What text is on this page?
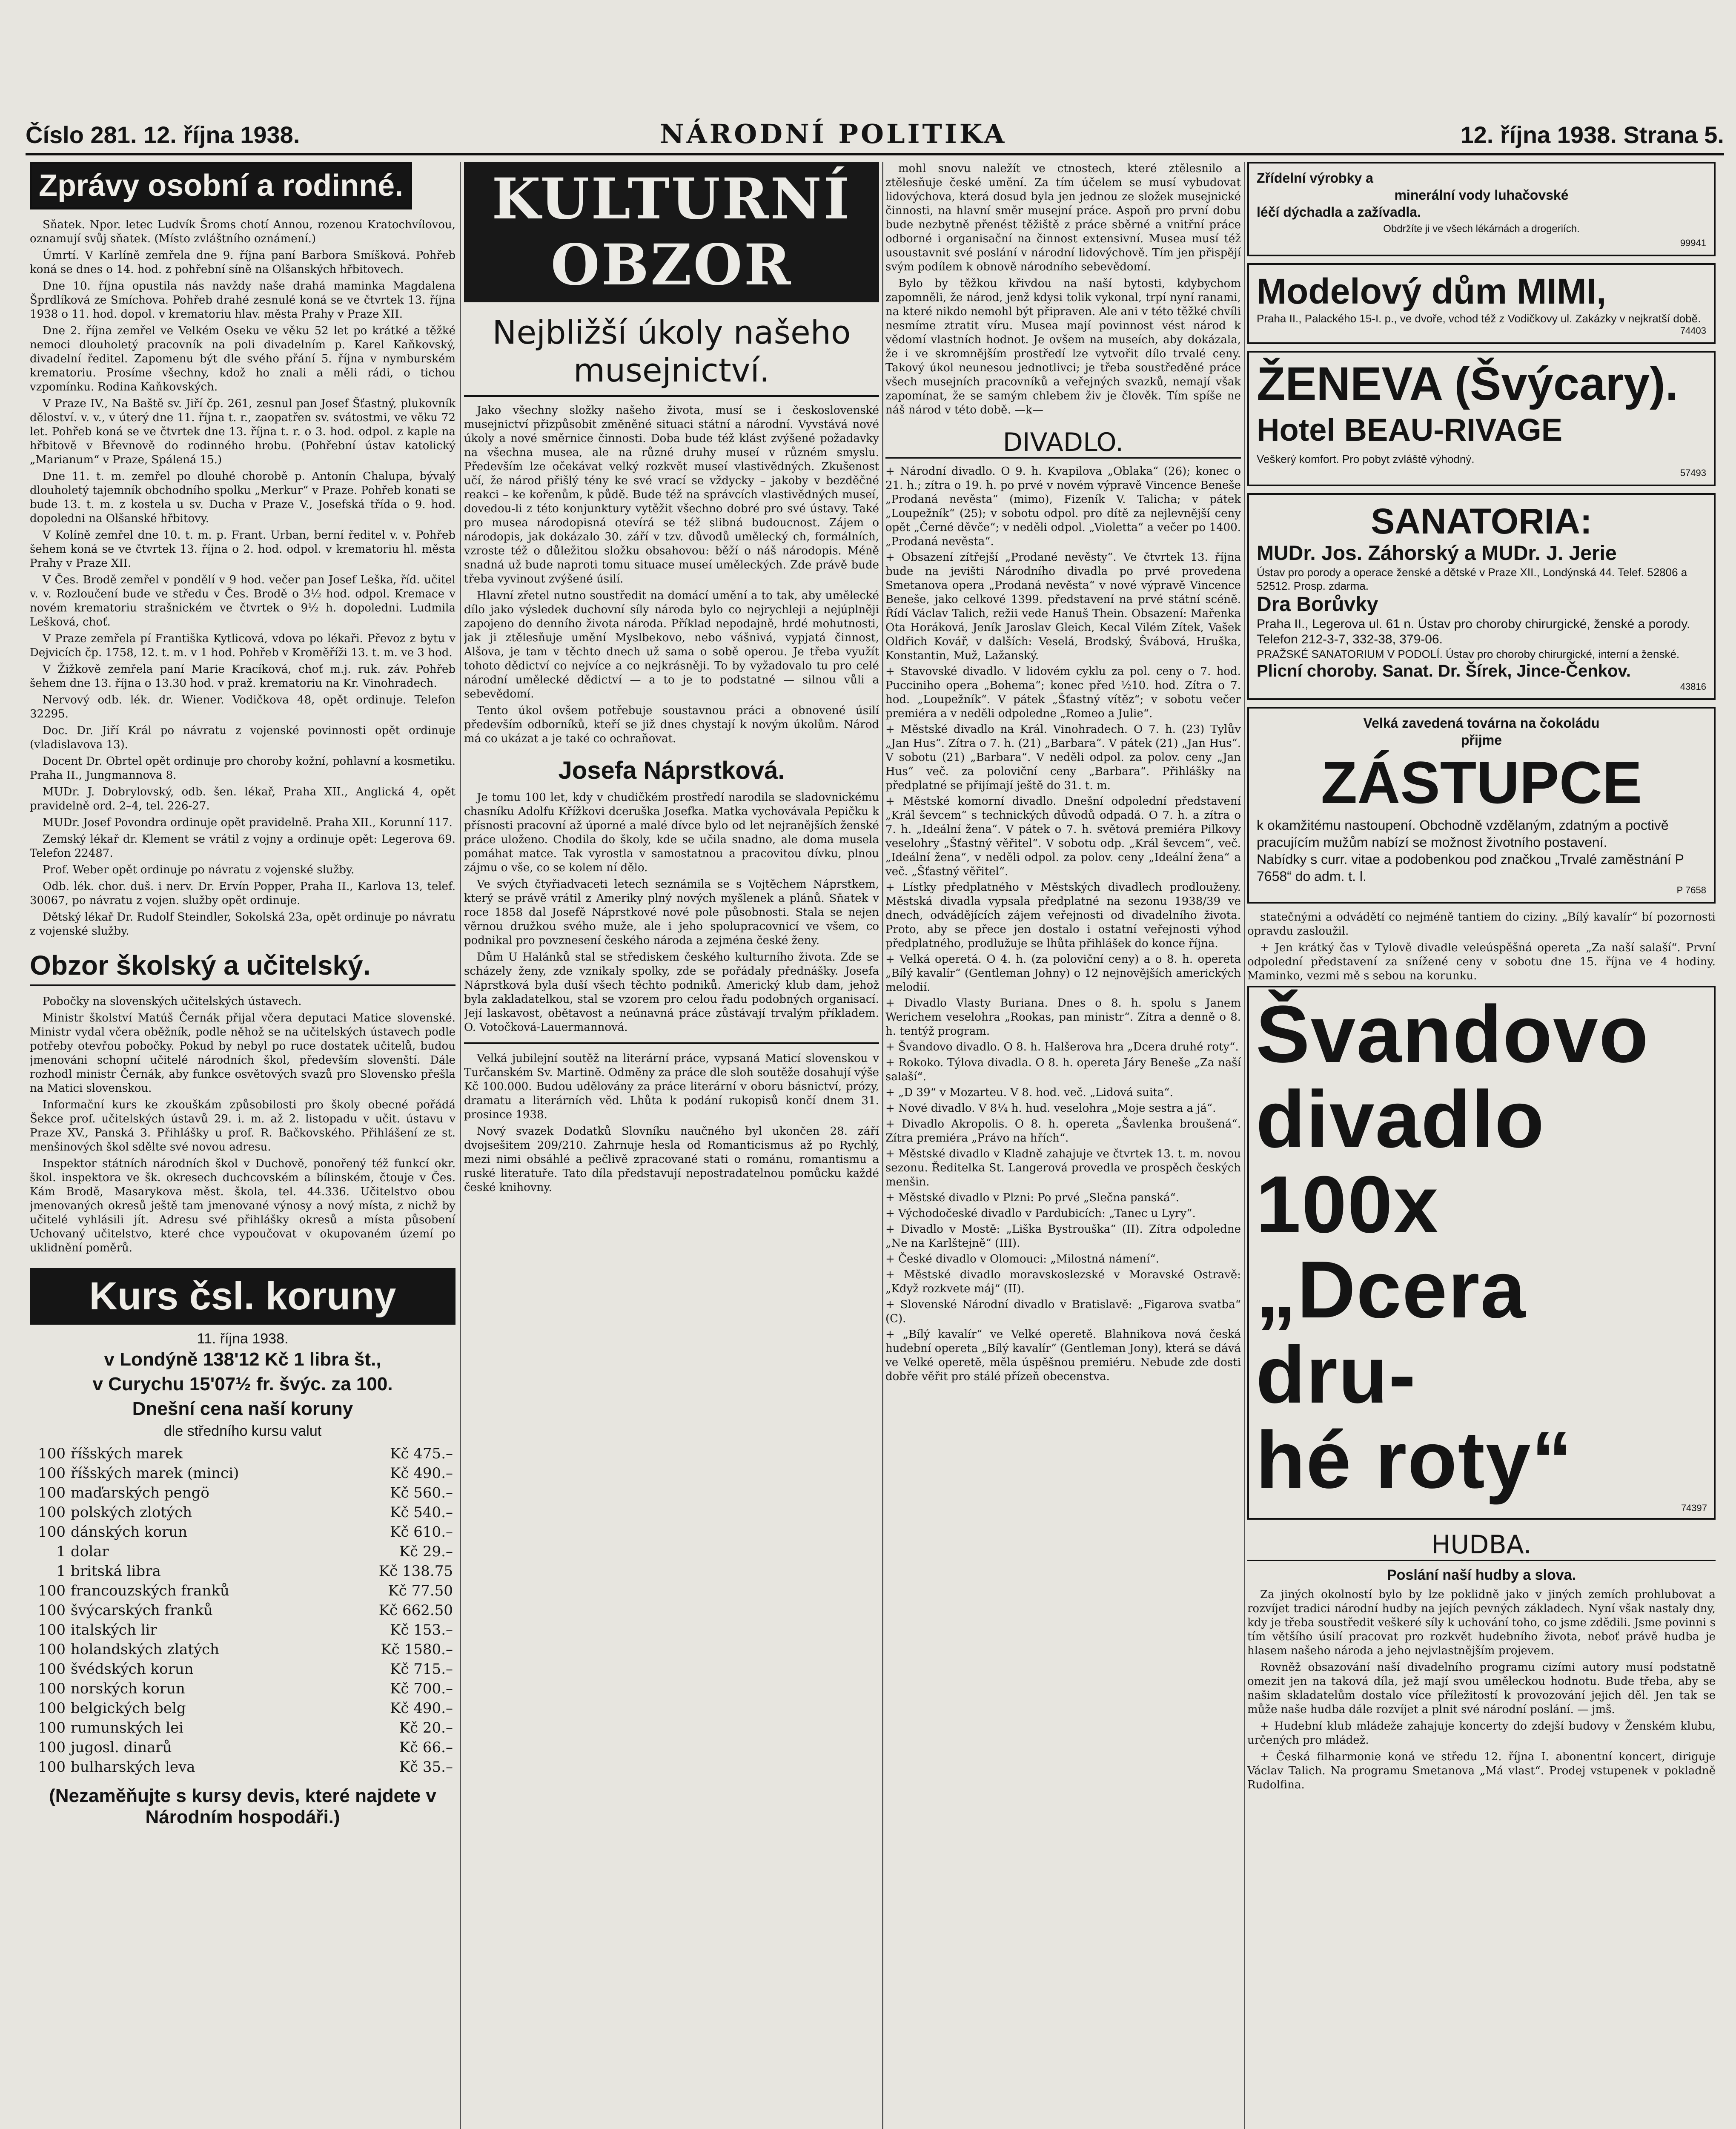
Číslo 281. 12. října 1938.	NÁRODNÍ POLITIKA	12. října 1938. Strana 5.
Zprávy osobní a rodinné.

Sňatek. Npor. letec Ludvík Šroms chotí Annou, rozenou Kratochvílovou, oznamují svůj sňatek. (Místo zvláštního oznámení.)

Úmrtí. V Karlíně zemřela dne 9. října paní Barbora Smíšková. Pohřeb koná se dnes o 14. hod. z pohřební síně na Olšanských hřbitovech.

Dne 10. října opustila nás navždy naše drahá maminka Magdalena Šprdlíková ze Smíchova. Pohřeb drahé zesnulé koná se ve čtvrtek 13. října 1938 o 11. hod. dopol. v krematoriu hlav. města Prahy v Praze XII.

Dne 2. října zemřel ve Velkém Oseku ve věku 52 let po krátké a těžké nemoci dlouholetý pracovník na poli divadelním p. Karel Kaňkovský, divadelní ředitel. Zapomenu být dle svého přání 5. října v nymburském krematoriu. Prosíme všechny, kdož ho znali a měli rádi, o tichou vzpomínku. Rodina Kaňkovských.

V Praze IV., Na Baště sv. Jiří čp. 261, zesnul pan Josef Šťastný, plukovník děloství. v. v., v úterý dne 11. října t. r., zaopatřen sv. svátostmi, ve věku 72 let. Pohřeb koná se ve čtvrtek dne 13. října t. r. o 3. hod. odpol. z kaple na hřbitově v Břevnově do rodinného hrobu. (Pohřební ústav katolický „Marianum“ v Praze, Spálená 15.)

Dne 11. t. m. zemřel po dlouhé chorobě p. Antonín Chalupa, bývalý dlouholetý tajemník obchodního spolku „Merkur“ v Praze. Pohřeb konati se bude 13. t. m. z kostela u sv. Ducha v Praze V., Josefská třída o 9. hod. dopoledni na Olšanské hřbitovy.

V Kolíně zemřel dne 10. t. m. p. Frant. Urban, berní ředitel v. v. Pohřeb šehem koná se ve čtvrtek 13. října o 2. hod. odpol. v krematoriu hl. města Prahy v Praze XII.

V Čes. Brodě zemřel v pondělí v 9 hod. večer pan Josef Leška, říd. učitel v. v. Rozloučení bude ve středu v Čes. Brodě o 3½ hod. odpol. Kremace v novém krematoriu strašnickém ve čtvrtek o 9½ h. dopoledni. Ludmila Lešková, choť.

V Praze zemřela pí Františka Kytlicová, vdova po lékaři. Převoz z bytu v Dejvicích čp. 1758, 12. t. m. v 1 hod. Pohřeb v Kroměříži 13. t. m. ve 3 hod.

V Žižkově zemřela paní Marie Kracíková, choť m.j. ruk. záv. Pohřeb šehem dne 13. října o 13.30 hod. v praž. krematoriu na Kr. Vinohradech.

Nervový odb. lék. dr. Wiener. Vodičkova 48, opět ordinuje. Telefon 32295.

Doc. Dr. Jiří Král po návratu z vojenské povinnosti opět ordinuje (vladislavova 13).

Docent Dr. Obrtel opět ordinuje pro choroby kožní, pohlavní a kosmetiku. Praha II., Jungmannova 8.

MUDr. J. Dobrylovský, odb. šen. lékař, Praha XII., Anglická 4, opět pravidelně ord. 2–4, tel. 226-27.

MUDr. Josef Povondra ordinuje opět pravidelně. Praha XII., Korunní 117.

Zemský lékař dr. Klement se vrátil z vojny a ordinuje opět: Legerova 69. Telefon 22487.

Prof. Weber opět ordinuje po návratu z vojenské služby.

Odb. lék. chor. duš. i nerv. Dr. Ervín Popper, Praha II., Karlova 13, telef. 30067, po návratu z vojen. služby opět ordinuje.

Dětský lékař Dr. Rudolf Steindler, Sokolská 23a, opět ordinuje po návratu z vojenské služby.

Obzor školský a učitelský.

Pobočky na slovenských učitelských ústavech.

Ministr školství Matúš Černák přijal včera deputaci Matice slovenské. Ministr vydal včera oběžník, podle něhož se na učitelských ústavech podle potřeby otevřou pobočky. Pokud by nebyl po ruce dostatek učitelů, budou jmenováni schopní učitelé národních škol, především slovenští. Dále rozhodl ministr Černák, aby funkce osvětových svazů pro Slovensko přešla na Matici slovenskou.

Informační kurs ke zkouškám způsobilosti pro školy obecné pořádá Šekce prof. učitelských ústavů 29. i. m. až 2. listopadu v učit. ústavu v Praze XV., Panská 3. Přihlášky u prof. R. Bačkovského. Přihlášení ze st. menšinových škol sdělte své novou adresu.

Inspektor státních národních škol v Duchově, ponořený též funkcí okr. škol. inspektora ve šk. okresech duchcovském a bílinském, čtouje v Čes. Kám Brodě, Masarykova měst. škola, tel. 44.336. Učitelstvo obou jmenovaných okresů ještě tam jmenované výnosy a nový místa, z nichž by učitelé vyhlásili jít. Adresu své přihlášky okresů a místa působení Uchovaný učitelstvo, které chce vypoučovat v okupovaném území po uklidnění poměrů.

Kurs čsl. koruny
11. října 1938.
v Londýně 138'12 Kč 1 libra št.,
v Curychu 15'07½ fr. švýc. za 100.
Dnešní cena naší koruny
dle středního kursu valut
100	říšských marek	Kč 475.–
100	říšských marek (minci)	Kč 490.–
100	maďarských pengö	Kč 560.–
100	polských zlotých	Kč 540.–
100	dánských korun	Kč 610.–
1	dolar	Kč 29.–
1	britská libra	Kč 138.75
100	francouzských franků	Kč 77.50
100	švýcarských franků	Kč 662.50
100	italských lir	Kč 153.–
100	holandských zlatých	Kč 1580.–
100	švédských korun	Kč 715.–
100	norských korun	Kč 700.–
100	belgických belg	Kč 490.–
100	rumunských lei	Kč 20.–
100	jugosl. dinarů	Kč 66.–
100	bulharských leva	Kč 35.–
(Nezaměňujte s kursy devis, které najdete v Národním hospodáři.)
KULTURNÍ OBZOR
Nejbližší úkoly našeho musejnictví.

Jako všechny složky našeho života, musí se i československé musejnictví přizpůsobit změněné situaci státní a národní. Vyvstává nové úkoly a nové směrnice činnosti. Doba bude též klást zvýšené požadavky na všechna musea, ale na různé druhy museí v různém smyslu. Především lze očekávat velký rozkvět museí vlastivědných. Zkušenost učí, že národ přišlý tény ke své vrací se vždycky – jakoby v bezděčné reakci – ke kořenům, k půdě. Bude též na správcích vlastivědných museí, dovedou-li z této konjunktury vytěžit všechno dobré pro své ústavy. Také pro musea národopisná otevírá se též slibná budoucnost. Zájem o národopis, jak dokázalo 30. září v tzv. důvodů umělecký ch, formálních, vzroste též o důležitou složku obsahovou: běží o náš národopis. Méně snadná už bude naproti tomu situace museí uměleckých. Zde právě bude třeba vyvinout zvýšené úsilí.

Hlavní zřetel nutno soustředit na domácí umění a to tak, aby umělecké dílo jako výsledek duchovní síly národa bylo co nejrychleji a nejúplněji zapojeno do denního života národa. Příklad nepodajně, hrdé mohutnosti, jak ji ztělesňuje umění Myslbekovo, nebo vášnivá, vypjatá činnost, Alšova, je tam v těchto dnech už sama o sobě operou. Je třeba využít tohoto dědictví co nejvíce a co nejkrásněji. To by vyžadovalo tu pro celé národní umělecké dědictví — a to je to podstatné — silnou vůli a sebevědomí.

Tento úkol ovšem potřebuje soustavnou práci a obnovené úsilí především odborníků, kteří se již dnes chystají k novým úkolům. Národ má co ukázat a je také co ochraňovat.

Josefa Náprstková.

Je tomu 100 let, kdy v chudičkém prostředí narodila se sladovnickému chasníku Adolfu Křížkovi dceruška Josefka. Matka vychovávala Pepičku k přísnosti pracovní až úporné a malé dívce bylo od let nejranějších ženské práce uloženo. Chodila do školy, kde se učila snadno, ale doma musela pomáhat matce. Tak vyrostla v samostatnou a pracovitou dívku, plnou zájmu o vše, co se kolem ní dělo.

Ve svých čtyřiadvaceti letech seznámila se s Vojtěchem Náprstkem, který se právě vrátil z Ameriky plný nových myšlenek a plánů. Sňatek v roce 1858 dal Josefě Náprstkové nové pole působnosti. Stala se nejen věrnou družkou svého muže, ale i jeho spolupracovnicí ve všem, co podnikal pro povznesení českého národa a zejména české ženy.

Dům U Halánků stal se střediskem českého kulturního života. Zde se scházely ženy, zde vznikaly spolky, zde se pořádaly přednášky. Josefa Náprstková byla duší všech těchto podniků. Americký klub dam, jehož byla zakladatelkou, stal se vzorem pro celou řadu podobných organisací. Její laskavost, obětavost a neúnavná práce zůstávají trvalým příkladem. O. Votočková-Lauermannová.

Velká jubilejní soutěž na literární práce, vypsaná Maticí slovenskou v Turčanském Sv. Martině. Odměny za práce dle sloh soutěže dosahují výše Kč 100.000. Budou udělovány za práce literární v oboru básnictví, prózy, dramatu a literárních věd. Lhůta k podání rukopisů končí dnem 31. prosince 1938.

Nový svazek Dodatků Slovníku naučného byl ukončen 28. září dvojsešitem 209/210. Zahrnuje hesla od Romanticismus až po Rychlý, mezi nimi obsáhlé a pečlivě zpracované stati o románu, romantismu a ruské literatuře. Tato díla představují nepostradatelnou pomůcku každé české knihovny.

mohl snovu naležít ve ctnostech, které ztělesnilo a ztělesňuje české umění. Za tím účelem se musí vybudovat lidovýchova, která dosud byla jen jednou ze složek musejnické činnosti, na hlavní směr musejní práce. Aspoň pro první dobu bude nezbytně přenést těžiště z práce sběrné a vnitřní práce odborné i organisační na činnost extensivní. Musea musí též usoustavnit své poslání v národní lidovýchově. Tím jen přispějí svým podílem k obnově národního sebevědomí.

Bylo by těžkou křivdou na naší bytosti, kdybychom zapomněli, že národ, jenž kdysi tolik vykonal, trpí nyní ranami, na které nikdo nemohl být připraven. Ale ani v této těžké chvíli nesmíme ztratit víru. Musea mají povinnost vést národ k vědomí vlastních hodnot. Je ovšem na museích, aby dokázala, že i ve skromnějším prostředí lze vytvořit dílo trvalé ceny. Takový úkol neunesou jednotlivci; je třeba soustředěné práce všech musejních pracovníků a veřejných svazků, nemají však zapomínat, že se samým chlebem živ je člověk. Tím spíše ne náš národ v této době. —k—

DIVADLO.

+ Národní divadlo. O 9. h. Kvapilova „Oblaka“ (26); konec o 21. h.; zítra o 19. h. po prvé v novém výpravě Vincence Beneše „Prodaná nevěsta“ (mimo), Fizeník V. Talicha; v pátek „Loupežník“ (25); v sobotu odpol. pro dítě za nejlevnější ceny opět „Černé děvče“; v neděli odpol. „Violetta“ a večer po 1400. „Prodaná nevěsta“.

+ Obsazení zítřejší „Prodané nevěsty“. Ve čtvrtek 13. října bude na jevišti Národního divadla po prvé provedena Smetanova opera „Prodaná nevěsta“ v nové výpravě Vincence Beneše, jako celkové 1399. představení na prvé státní scéně. Řídí Václav Talich, režii vede Hanuš Thein. Obsazení: Mařenka Ota Horáková, Jeník Jaroslav Gleich, Kecal Vilém Zítek, Vašek Oldřich Kovář, v dalších: Veselá, Brodský, Švábová, Hruška, Konstantin, Muž, Lažanský.

+ Stavovské divadlo. V lidovém cyklu za pol. ceny o 7. hod. Pucciniho opera „Bohema“; konec před ½10. hod. Zítra o 7. hod. „Loupežník“. V pátek „Šťastný vítěz“; v sobotu večer premiéra a v neděli odpoledne „Romeo a Julie“.

+ Městské divadlo na Král. Vinohradech. O 7. h. (23) Tylův „Jan Hus“. Zítra o 7. h. (21) „Barbara“. V pátek (21) „Jan Hus“. V sobotu (21) „Barbara“. V neděli odpol. za polov. ceny „Jan Hus“ več. za poloviční ceny „Barbara“. Přihlášky na předplatné se přijímají ještě do 31. t. m.

+ Městské komorní divadlo. Dnešní odpolední představení „Král ševcem“ s technických důvodů odpadá. O 7. h. a zítra o 7. h. „Ideální žena“. V pátek o 7. h. světová premiéra Pilkovy veselohry „Šťastný věřitel“. V sobotu odp. „Král ševcem“, več. „Ideální žena“, v neděli odpol. za polov. ceny „Ideální žena“ a več. „Šťastný věřitel“.

+ Lístky předplatného v Městských divadlech prodlouženy. Městská divadla vypsala předplatné na sezonu 1938/39 ve dnech, odvádějících zájem veřejnosti od divadelního života. Proto, aby se přece jen dostalo i ostatní veřejnosti výhod předplatného, prodlužuje se lhůta přihlášek do konce října.

+ Velká operetá. O 4. h. (za poloviční ceny) a o 8. h. opereta „Bílý kavalír“ (Gentleman Johny) o 12 nejnovějších amerických melodií.

+ Divadlo Vlasty Buriana. Dnes o 8. h. spolu s Janem Werichem veselohra „Rookas, pan ministr“. Zítra a denně o 8. h. tentýž program.

+ Švandovo divadlo. O 8. h. Halšerova hra „Dcera druhé roty“.

+ Rokoko. Týlova divadla. O 8. h. opereta Járy Beneše „Za naší salaší“.

+ „D 39“ v Mozarteu. V 8. hod. več. „Lidová suita“.

+ Nové divadlo. V 8¼ h. hud. veselohra „Moje sestra a já“.

+ Divadlo Akropolis. O 8. h. opereta „Šavlenka broušená“. Zítra premiéra „Právo na hřích“.

+ Městské divadlo v Kladně zahajuje ve čtvrtek 13. t. m. novou sezonu. Ředitelka St. Langerová provedla ve prospěch českých menšin.

+ Městské divadlo v Plzni: Po prvé „Slečna panská“.

+ Východočeské divadlo v Pardubicích: „Tanec u Lyry“.

+ Divadlo v Mostě: „Liška Bystrouška“ (II). Zítra odpoledne „Ne na Karlštejně“ (III).

+ České divadlo v Olomouci: „Milostná námení“.

+ Městské divadlo moravskoslezské v Moravské Ostravě: „Když rozkvete máj“ (II).

+ Slovenské Národní divadlo v Bratislavě: „Figarova svatba“ (C).

+ „Bílý kavalír“ ve Velké operetě. Blahnikova nová česká hudební opereta „Bílý kavalír“ (Gentleman Jony), která se dává ve Velké operetě, měla úspěšnou premiéru. Nebude zde dosti dobře věřit pro stálé přízeň obecenstva.

Zřídelní výrobky a
minerální vody luhačovské
léčí dýchadla a zažívadla.
Obdržíte ji ve všech lékárnách a drogeriích.
99941
Modelový dům MIMI,
Praha II., Palackého 15-I. p., ve dvoře, vchod též z Vodičkovy ul. Zakázky v nejkratší době.
74403
ŽENEVA (Švýcary).
Hotel BEAU-RIVAGE
Veškerý komfort. Pro pobyt zvláště výhodný.
57493
SANATORIA:
MUDr. Jos. Záhorský a MUDr. J. Jerie
Ústav pro porody a operace ženské a dětské v Praze XII., Londýnská 44. Telef. 52806 a 52512. Prosp. zdarma.
Dra Borůvky
Praha II., Legerova ul. 61 n. Ústav pro choroby chirurgické, ženské a porody. Telefon 212-3-7, 332-38, 379-06.
PRAŽSKÉ SANATORIUM V PODOLÍ. Ústav pro choroby chirurgické, interní a ženské.
Plicní choroby. Sanat. Dr. Šírek, Jince-Čenkov.
43816
Velká zavedená továrna na čokoládu
přijme
ZÁSTUPCE
k okamžitému nastoupení. Obchodně vzdělaným, zdatným a poctivě pracujícím mužům nabízí se možnost životního postavení.
Nabídky s curr. vitae a podobenkou pod značkou „Trvalé zaměstnání P 7658“ do adm. t. l.
P 7658

statečnými a odvádětí co nejméně tantiem do ciziny. „Bílý kavalír“ bí pozornosti opravdu zasloužil.

+ Jen krátký čas v Tylově divadle veleúspěšná opereta „Za naší salaší“. První odpolední představení za snížené ceny v sobotu dne 15. října ve 4 hodiny. Maminko, vezmi mě s sebou na korunku.

Švandovo
divadlo 100x
„Dcera dru-
hé roty“
74397
HUDBA.
Poslání naší hudby a slova.

Za jiných okolností bylo by lze poklidně jako v jiných zemích prohlubovat a rozvíjet tradici národní hudby na jejích pevných základech. Nyní však nastaly dny, kdy je třeba soustředit veškeré síly k uchování toho, co jsme zdědili. Jsme povinni s tím většího úsilí pracovat pro rozkvět hudebního života, neboť právě hudba je hlasem našeho národa a jeho nejvlastnějším projevem.

Rovněž obsazování naší divadelního programu cizími autory musí podstatně omezit jen na taková díla, jež mají svou uměleckou hodnotu. Bude třeba, aby se našim skladatelům dostalo více příležitostí k provozování jejich děl. Jen tak se může naše hudba dále rozvíjet a plnit své národní poslání. — jmš.

+ Hudební klub mládeže zahajuje koncerty do zdejší budovy v Ženském klubu, určených pro mládež.

+ Česká filharmonie koná ve středu 12. října I. abonentní koncert, diriguje Václav Talich. Na programu Smetanova „Má vlast“. Prodej vstupenek v pokladně Rudolfina.
